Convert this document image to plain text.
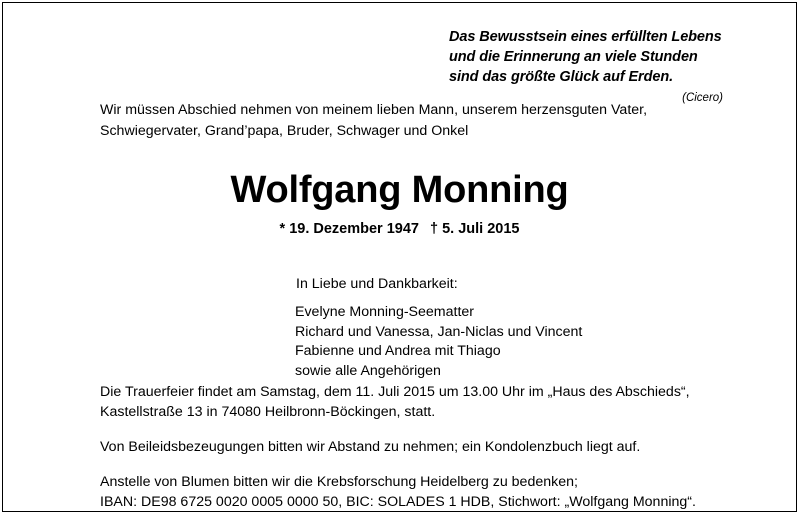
Das Bewusstsein eines erfüllten Lebens
und die Erinnerung an viele Stunden
sind das größte Glück auf Erden.
(Cicero)
Wir müssen Abschied nehmen von meinem lieben Mann, unserem herzensguten Vater,
Schwiegervater, Grand’papa, Bruder, Schwager und Onkel
Wolfgang Monning
* 19. Dezember 1947 † 5. Juli 2015
In Liebe und Dankbarkeit:
Evelyne Monning-Seematter
Richard und Vanessa, Jan-Niclas und Vincent
Fabienne und Andrea mit Thiago
sowie alle Angehörigen
Die Trauerfeier findet am Samstag, dem 11. Juli 2015 um 13.00 Uhr im „Haus des Abschieds“,
Kastellstraße 13 in 74080 Heilbronn-Böckingen, statt.
Von Beileidsbezeugungen bitten wir Abstand zu nehmen; ein Kondolenzbuch liegt auf.
Anstelle von Blumen bitten wir die Krebsforschung Heidelberg zu bedenken;
IBAN: DE98 6725 0020 0005 0000 50, BIC: SOLADES 1 HDB, Stichwort: „Wolfgang Monning“.
